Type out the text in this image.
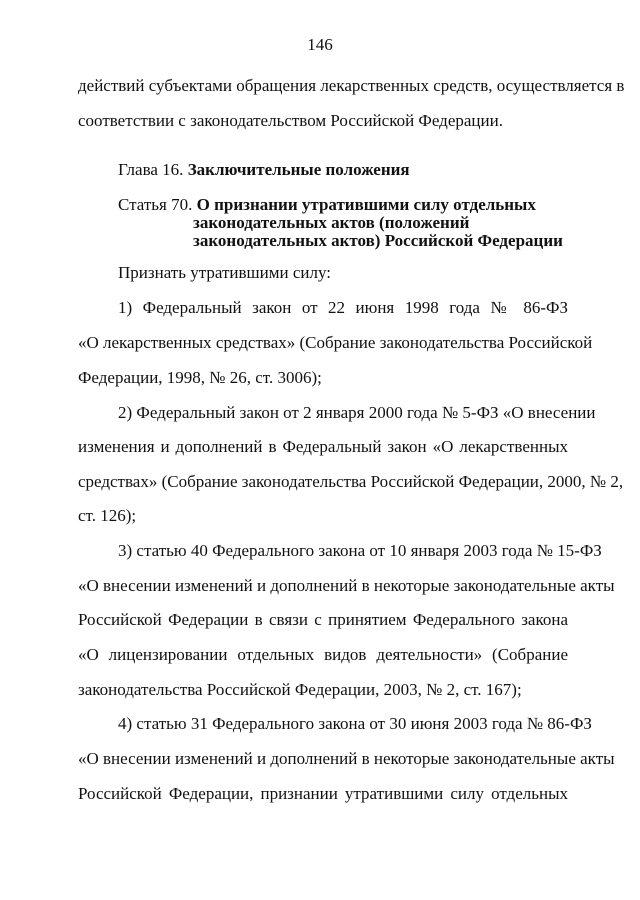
146
действий субъектами обращения лекарственных средств, осуществляется в
соответствии с законодательством Российской Федерации.
Глава 16. Заключительные положения
Статья 70. О признании утратившими силу отдельных
законодательных актов (положений
законодательных актов) Российской Федерации
Признать утратившими силу:
1) Федеральный закон от 22 июня 1998 года № 86-ФЗ
«О лекарственных средствах» (Собрание законодательства Российской
Федерации, 1998, № 26, ст. 3006);
2) Федеральный закон от 2 января 2000 года № 5-ФЗ «О внесении
изменения и дополнений в Федеральный закон «О лекарственных
средствах» (Собрание законодательства Российской Федерации, 2000, № 2,
ст. 126);
3) статью 40 Федерального закона от 10 января 2003 года № 15-ФЗ
«О внесении изменений и дополнений в некоторые законодательные акты
Российской Федерации в связи с принятием Федерального закона
«О лицензировании отдельных видов деятельности» (Собрание
законодательства Российской Федерации, 2003, № 2, ст. 167);
4) статью 31 Федерального закона от 30 июня 2003 года № 86-ФЗ
«О внесении изменений и дополнений в некоторые законодательные акты
Российской Федерации, признании утратившими силу отдельных
